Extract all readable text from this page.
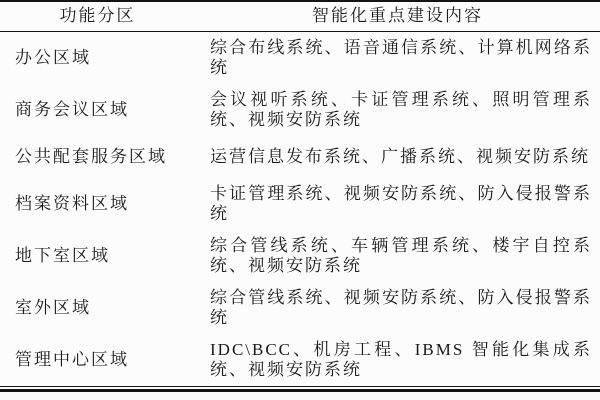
功能分区	智能化重点建设内容
办公区域	综合布线系统、语音通信系统、计算机网络系统
商务会议区域	会议视听系统、卡证管理系统、照明管理系统、视频安防系统
公共配套服务区域	运营信息发布系统、广播系统、视频安防系统
档案资料区域	卡证管理系统、视频安防系统、防入侵报警系统
地下室区域	综合管线系统、车辆管理系统、楼宇自控系统、视频安防系统
室外区域	综合管线系统、视频安防系统、防入侵报警系统
管理中心区域	IDC\BCC、机房工程、IBMS 智能化集成系统、视频安防系统
